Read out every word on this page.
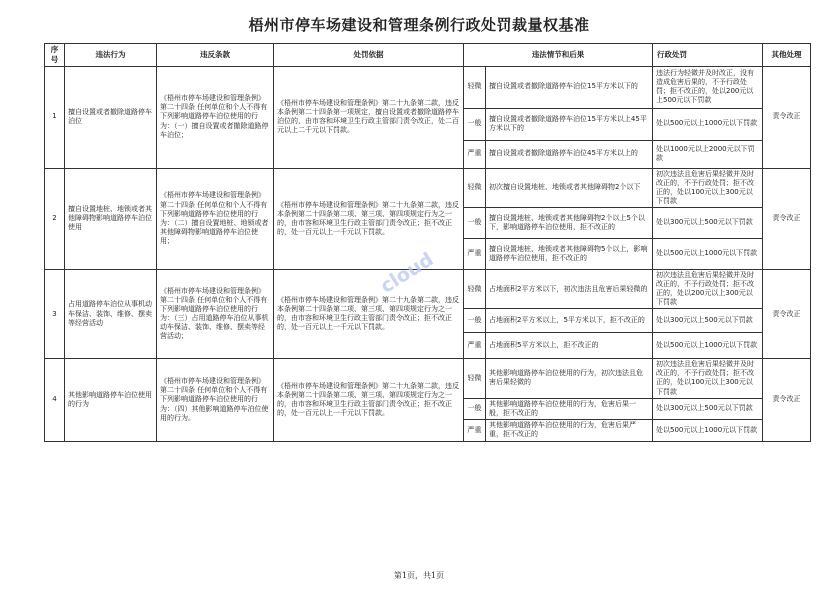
梧州市停车场建设和管理条例行政处罚裁量权基准
序号	违法行为	违反条款	处罚依据	违法情节和后果		行政处罚	其他处理
1	擅自设置或者撤除道路停车泊位	《梧州市停车场建设和管理条例》第二十四条 任何单位和个人不得有下列影响道路停车泊位使用的行为：（一）擅自设置或者撤除道路停车泊位；	《梧州市停车场建设和管理条例》第二十九条第二款，违反本条例第二十四条第一项规定，擅自设置或者撤除道路停车泊位的，由市容和环境卫生行政主管部门责令改正，处二百元以上二千元以下罚款。	轻微	擅自设置或者撤除道路停车泊位15平方米以下的	违法行为轻微并及时改正，没有造成危害后果的，不予行政处罚；拒不改正的，处以200元以上500元以下罚款	责令改正
				一般	擅自设置或者撤除道路停车泊位15平方米以上45平方米以下的	处以500元以上1000元以下罚款	
				严重	擅自设置或者撤除道路停车泊位45平方米以上的	处以1000元以上2000元以下罚款	
2	擅自设置地桩、地锁或者其他障碍物影响道路停车泊位使用	《梧州市停车场建设和管理条例》第二十四条 任何单位和个人不得有下列影响道路停车泊位使用的行为：（二）擅自设置地桩、地锁或者其他障碍物影响道路停车泊位使用；	《梧州市停车场建设和管理条例》第二十九条第二款，违反本条例第二十四条第二项、第三项、第四项规定行为之一的，由市容和环境卫生行政主管部门责令改正；拒不改正的，处一百元以上一千元以下罚款。	轻微	初次擅自设置地桩、地锁或者其他障碍物2个以下	初次违法且危害后果轻微并及时改正的，不予行政处罚；拒不改正的，处以100元以上300元以下罚款	责令改正
				一般	擅自设置地桩、地锁或者其他障碍物2个以上5个以下，影响道路停车泊位使用，拒不改正的	处以300元以上500元以下罚款	
				严重	擅自设置地桩、地锁或者其他障碍物5个以上，影响道路停车泊位使用，拒不改正的	处以500元以上1000元以下罚款	
3	占用道路停车泊位从事机动车保洁、装饰、维修、摆卖等经营活动	《梧州市停车场建设和管理条例》第二十四条 任何单位和个人不得有下列影响道路停车泊位使用的行为：（三）占用道路停车泊位从事机动车保洁、装饰、维修、摆卖等经营活动；	《梧州市停车场建设和管理条例》第二十九条第二款，违反本条例第二十四条第二项、第三项、第四项规定行为之一的，由市容和环境卫生行政主管部门责令改正；拒不改正的，处一百元以上一千元以下罚款。	轻微	占地面积2平方米以下，初次违法且危害后果轻微的	初次违法且危害后果轻微并及时改正的，不予行政处罚；拒不改正的，处以200元以上300元以下罚款	责令改正
				一般	占地面积2平方米以上，5平方米以下，拒不改正的	处以300元以上500元以下罚款	
				严重	占地面积5平方米以上，拒不改正的	处以500元以上1000元以下罚款	
4	其他影响道路停车泊位使用的行为	《梧州市停车场建设和管理条例》第二十四条 任何单位和个人不得有下列影响道路停车泊位使用的行为：（四）其他影响道路停车泊位使用的行为。	《梧州市停车场建设和管理条例》第二十九条第二款，违反本条例第二十四条第二项、第三项、第四项规定行为之一的，由市容和环境卫生行政主管部门责令改正；拒不改正的，处一百元以上一千元以下罚款。	轻微	其他影响道路停车泊位使用的行为，初次违法且危害后果轻微的	初次违法且危害后果轻微并及时改正的，不予行政处罚；拒不改正的，处以100元以上300元以下罚款	责令改正
				一般	其他影响道路停车泊位使用的行为，危害后果一般，拒不改正的	处以300元以上500元以下罚款	
				严重	其他影响道路停车泊位使用的行为，危害后果严重，拒不改正的	处以500元以上1000元以下罚款	
cloud
第1页，共1页
